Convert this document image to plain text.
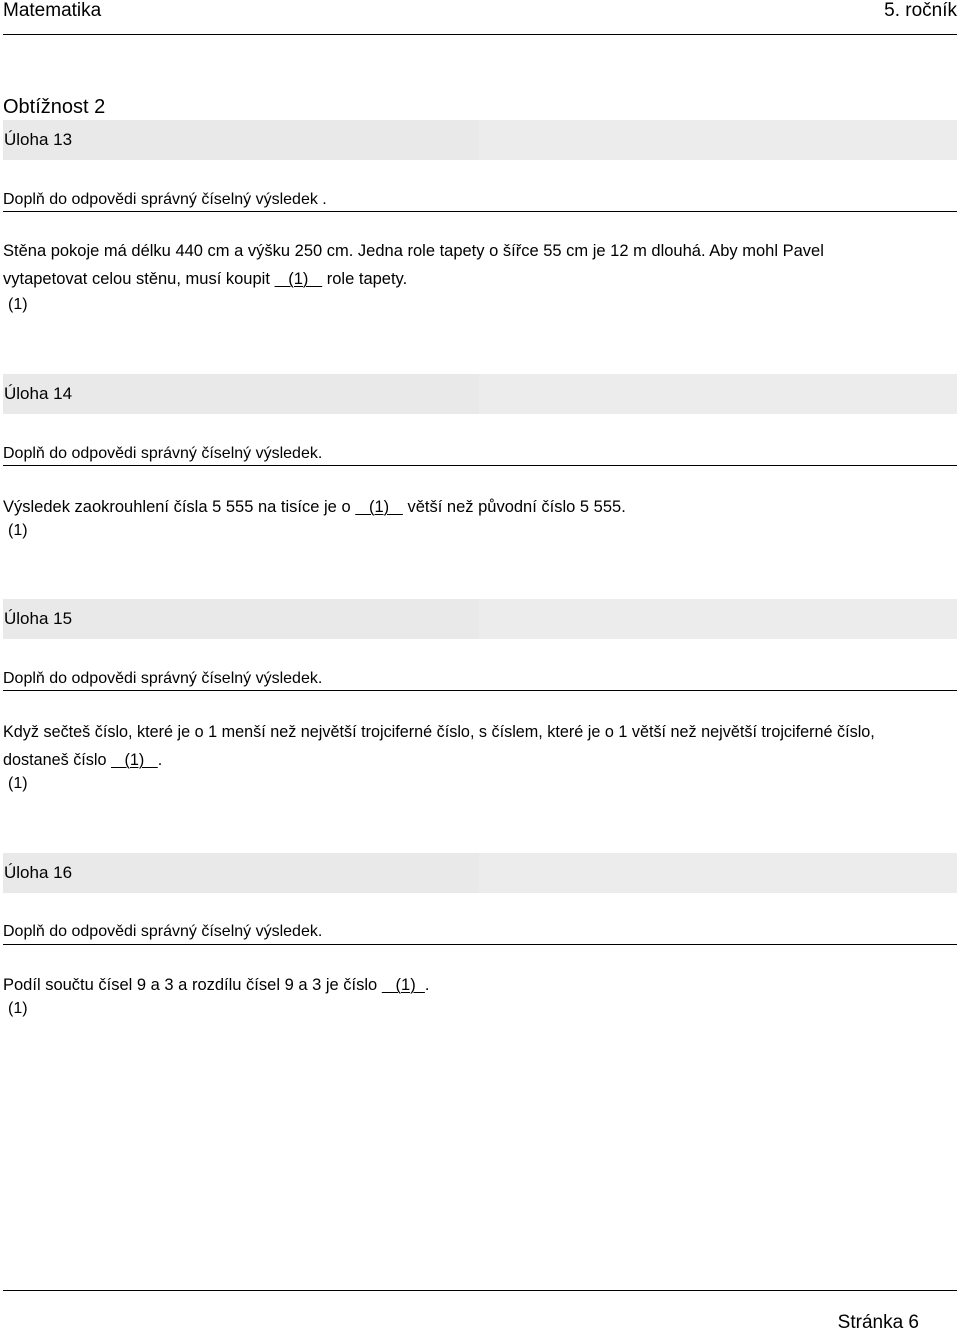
Matematika	5. ročník
Obtížnost 2
Úloha 13
Doplň do odpovědi správný číselný výsledek .
Stěna pokoje má délku 440 cm a výšku 250 cm. Jedna role tapety o šířce 55 cm je 12 m dlouhá. Aby mohl Pavel
vytapetovat celou stěnu, musí koupit    (1)    role tapety.
(1)
Úloha 14
Doplň do odpovědi správný číselný výsledek.
Výsledek zaokrouhlení čísla 5 555 na tisíce je o    (1)    větší než původní číslo 5 555.
(1)
Úloha 15
Doplň do odpovědi správný číselný výsledek.
Když sečteš číslo, které je o 1 menší než největší trojciferné číslo, s číslem, které je o 1 větší než největší trojciferné číslo,
dostaneš číslo    (1)   .
(1)
Úloha 16
Doplň do odpovědi správný číselný výsledek.
Podíl součtu čísel 9 a 3 a rozdílu čísel 9 a 3 je číslo    (1)  .
(1)
Stránka 6
